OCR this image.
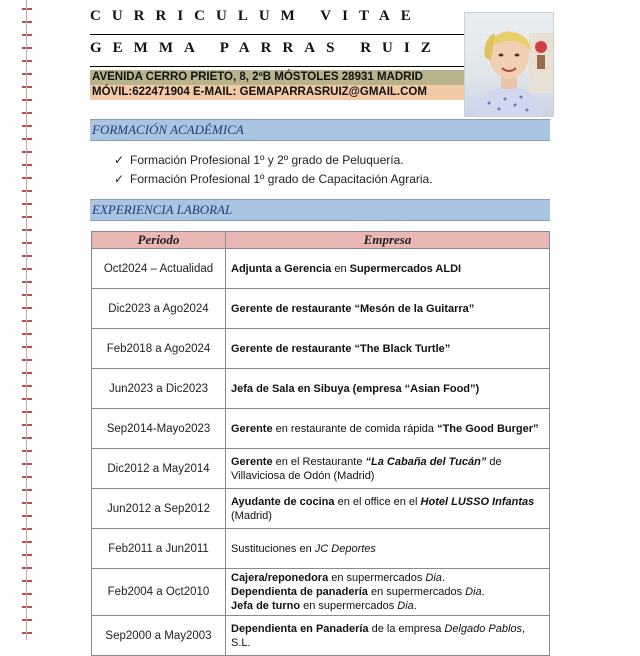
CURRICULUM VITAE
GEMMA PARRAS RUIZ
AVENIDA CERRO PRIETO, 8, 2ºB MÓSTOLES 28931 MADRID
MÓVIL:622471904 E-MAIL: GEMAPARRASRUIZ@GMAIL.COM
FORMACIÓN ACADÉMICA
✓ Formación Profesional 1º y 2º grado de Peluquería.
✓ Formación Profesional 1º grado de Capacitación Agraria.
EXPERIENCIA LABORAL
Periodo	Empresa
Oct2024 – Actualidad	Adjunta a Gerencia en Supermercados ALDI

Dic2023 a Ago2024	Gerente de restaurante “Mesón de la Guitarra”

Feb2018 a Ago2024	Gerente de restaurante “The Black Turtle”

Jun2023 a Dic2023	Jefa de Sala en Sibuya (empresa “Asian Food”)

Sep2014-Mayo2023	Gerente en restaurante de comida rápida “The Good Burger”

Dic2012 a May2014	Gerente en el Restaurante “La Cabaña del Tucán” de Villaviciosa de Odón (Madrid)

Jun2012 a Sep2012	Ayudante de cocina en el office en el Hotel LUSSO Infantas (Madrid)

Feb2011 a Jun2011	Sustituciones en JC Deportes

Feb2004 a Oct2010	Cajera/reponedora en supermercados Dia.
Dependienta de panadería en supermercados Dia.
Jefa de turno en supermercados Dia.

Sep2000 a May2003	Dependienta en Panadería de la empresa Delgado Pablos, S.L.
